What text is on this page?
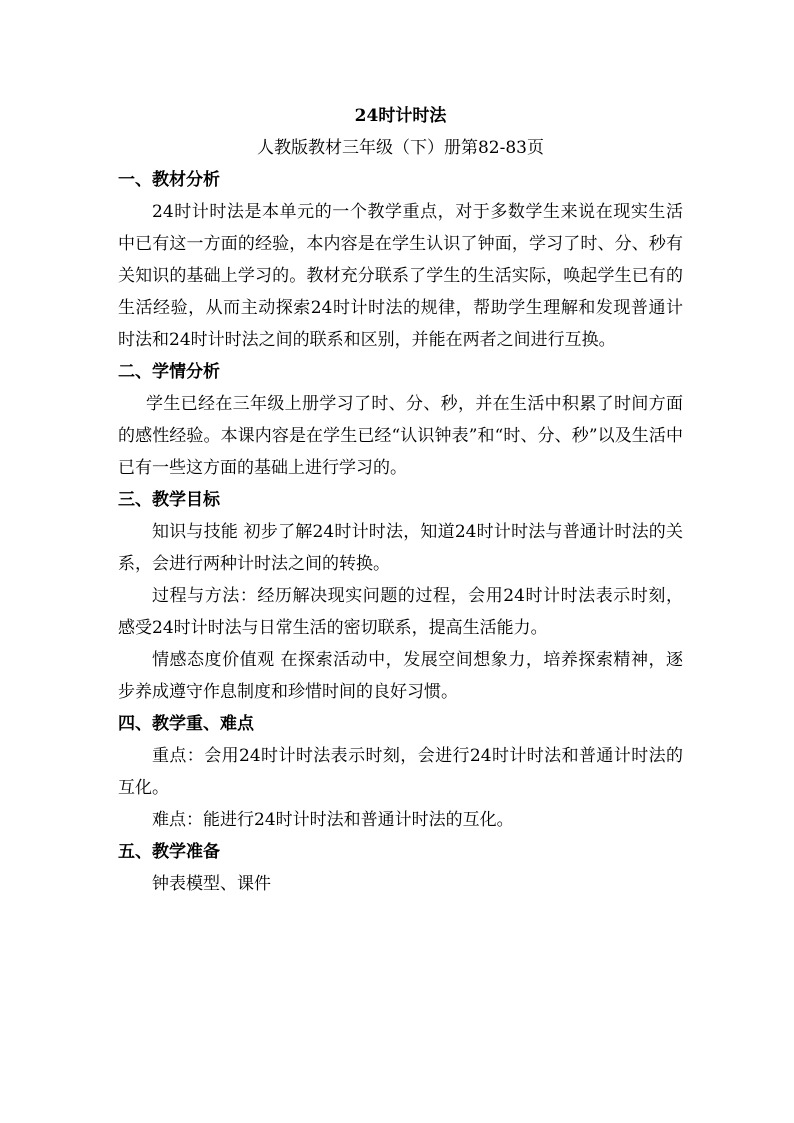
24时计时法

人教版教材三年级（下）册第82-83页

一、教材分析

24时计时法是本单元的一个教学重点，对于多数学生来说在现实生活中已有这一方面的经验，本内容是在学生认识了钟面，学习了时、分、秒有关知识的基础上学习的。教材充分联系了学生的生活实际，唤起学生已有的生活经验，从而主动探索24时计时法的规律，帮助学生理解和发现普通计时法和24时计时法之间的联系和区别，并能在两者之间进行互换。

二、学情分析

学生已经在三年级上册学习了时、分、秒，并在生活中积累了时间方面的感性经验。本课内容是在学生已经“认识钟表”和“时、分、秒”以及生活中已有一些这方面的基础上进行学习的。

三、教学目标

知识与技能 初步了解24时计时法，知道24时计时法与普通计时法的关系，会进行两种计时法之间的转换。

过程与方法：经历解决现实问题的过程，会用24时计时法表示时刻，感受24时计时法与日常生活的密切联系，提高生活能力。

情感态度价值观 在探索活动中，发展空间想象力，培养探索精神，逐步养成遵守作息制度和珍惜时间的良好习惯。

四、教学重、难点

重点：会用24时计时法表示时刻，会进行24时计时法和普通计时法的互化。

难点：能进行24时计时法和普通计时法的互化。

五、教学准备

钟表模型、课件
